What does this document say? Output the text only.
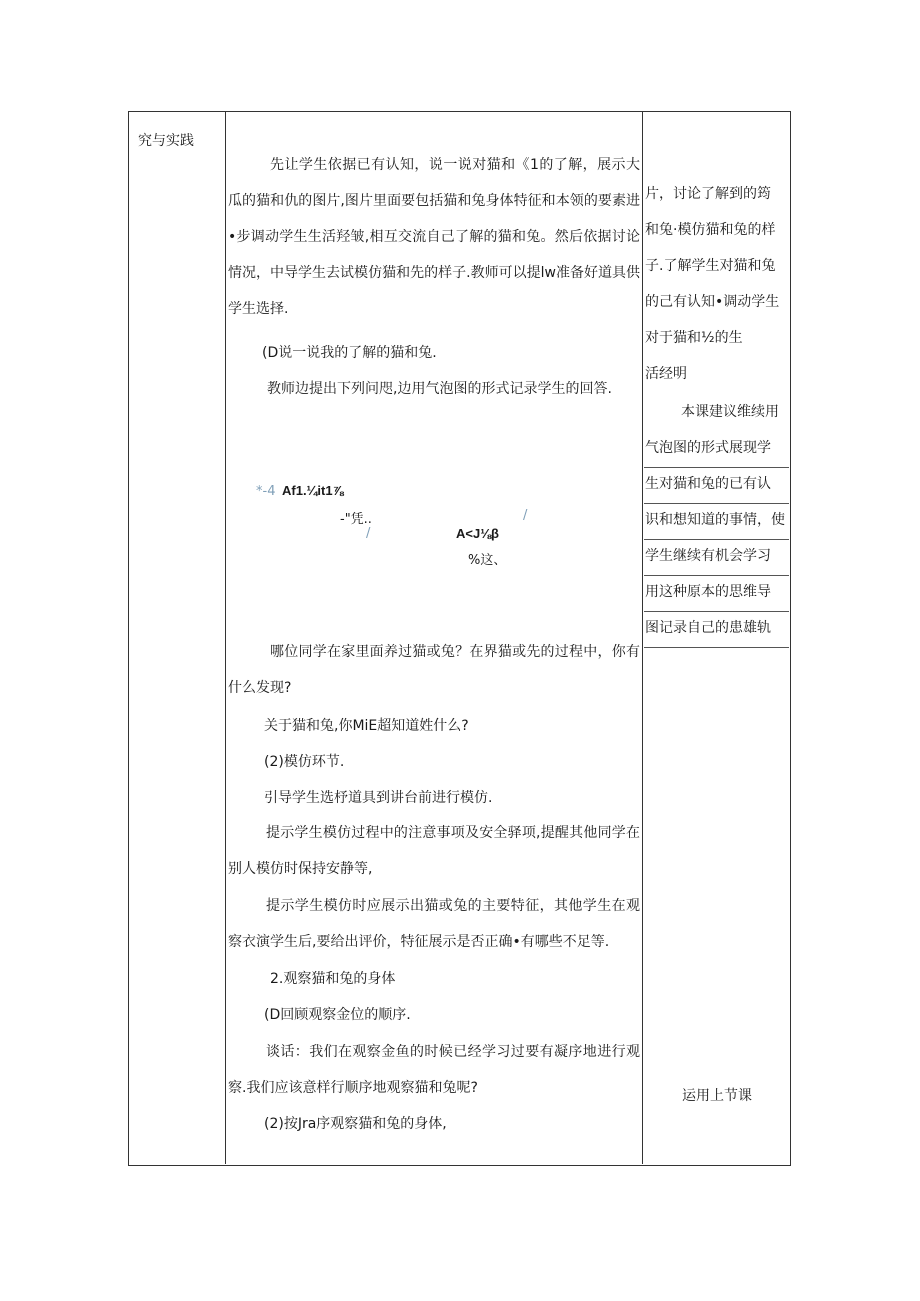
究与实践
先让学生依据已有认知，说一说对猫和《1的了解，展示大瓜的猫和仇的图片,图片里面要包括猫和兔身体特征和本领的要素进•步调动学生生活羟皱,相互交流自己了解的猫和兔。然后依据讨论情况，中导学生去试模仿猫和先的样子.教师可以提lw准备好道具供学生选择.
(D说一说我的了解的猫和兔.
教师边提出下列问咫,边用气泡图的形式记录学生的回答.
*-4 Af1.¼it1⅞
-"凭..	/
/	A<J⅛β
%这、
哪位同学在家里面养过猫或兔？在界猫或先的过程中，你有什么发现?
关于猫和兔,你MiE超知道姓什么?
(2)模仿环节.
引导学生选杼道具到讲台前进行模仿.
提示学生模仿过程中的注意事项及安全驿项,提醒其他同学在别人模仿时保持安静等,
提示学生模仿时应展示出猫或兔的主要特征，其他学生在观察衣演学生后,要给出评价，特征展示是否正确•有哪些不足等.
2.观察猫和兔的身体
(D回顾观察金位的顺序.
谈话：我们在观察金鱼的时候已经学习过要有凝序地进行观察.我们应该意样行顺序地观察猫和兔呢?
(2)按Jra序观察猫和兔的身体,
片，讨论了解到的筠
和兔·模仿猫和兔的样
子.了解学生对猫和兔
的己有认知•调动学生
对于猫和½的生
活经明
本课建议维续用
气泡图的形式展现学
生对猫和兔的已有认
识和想知道的事情，使
学生继续有机会学习
用这种原本的思维导
图记录自己的患雄轨
运用上节课
